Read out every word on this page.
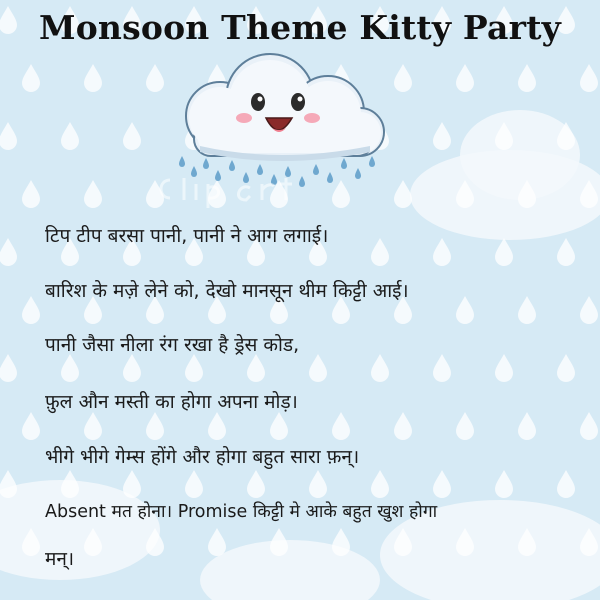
Monsoon Theme Kitty Party
टिप टीप बरसा पानी, पानी ने आग लगाई।
बारिश के मज़े लेने को, देखो मानसून थीम किट्टी आई।
पानी जैसा नीला रंग रखा है ड्रेस कोड,
फ़ुल औन मस्ती का होगा अपना मोड़।
भीगे भीगे गेम्स होंगे और होगा बहुत सारा फ़न्।
Absent मत होना। Promise किट्टी मे आके बहुत खुश होगा
मन्।
